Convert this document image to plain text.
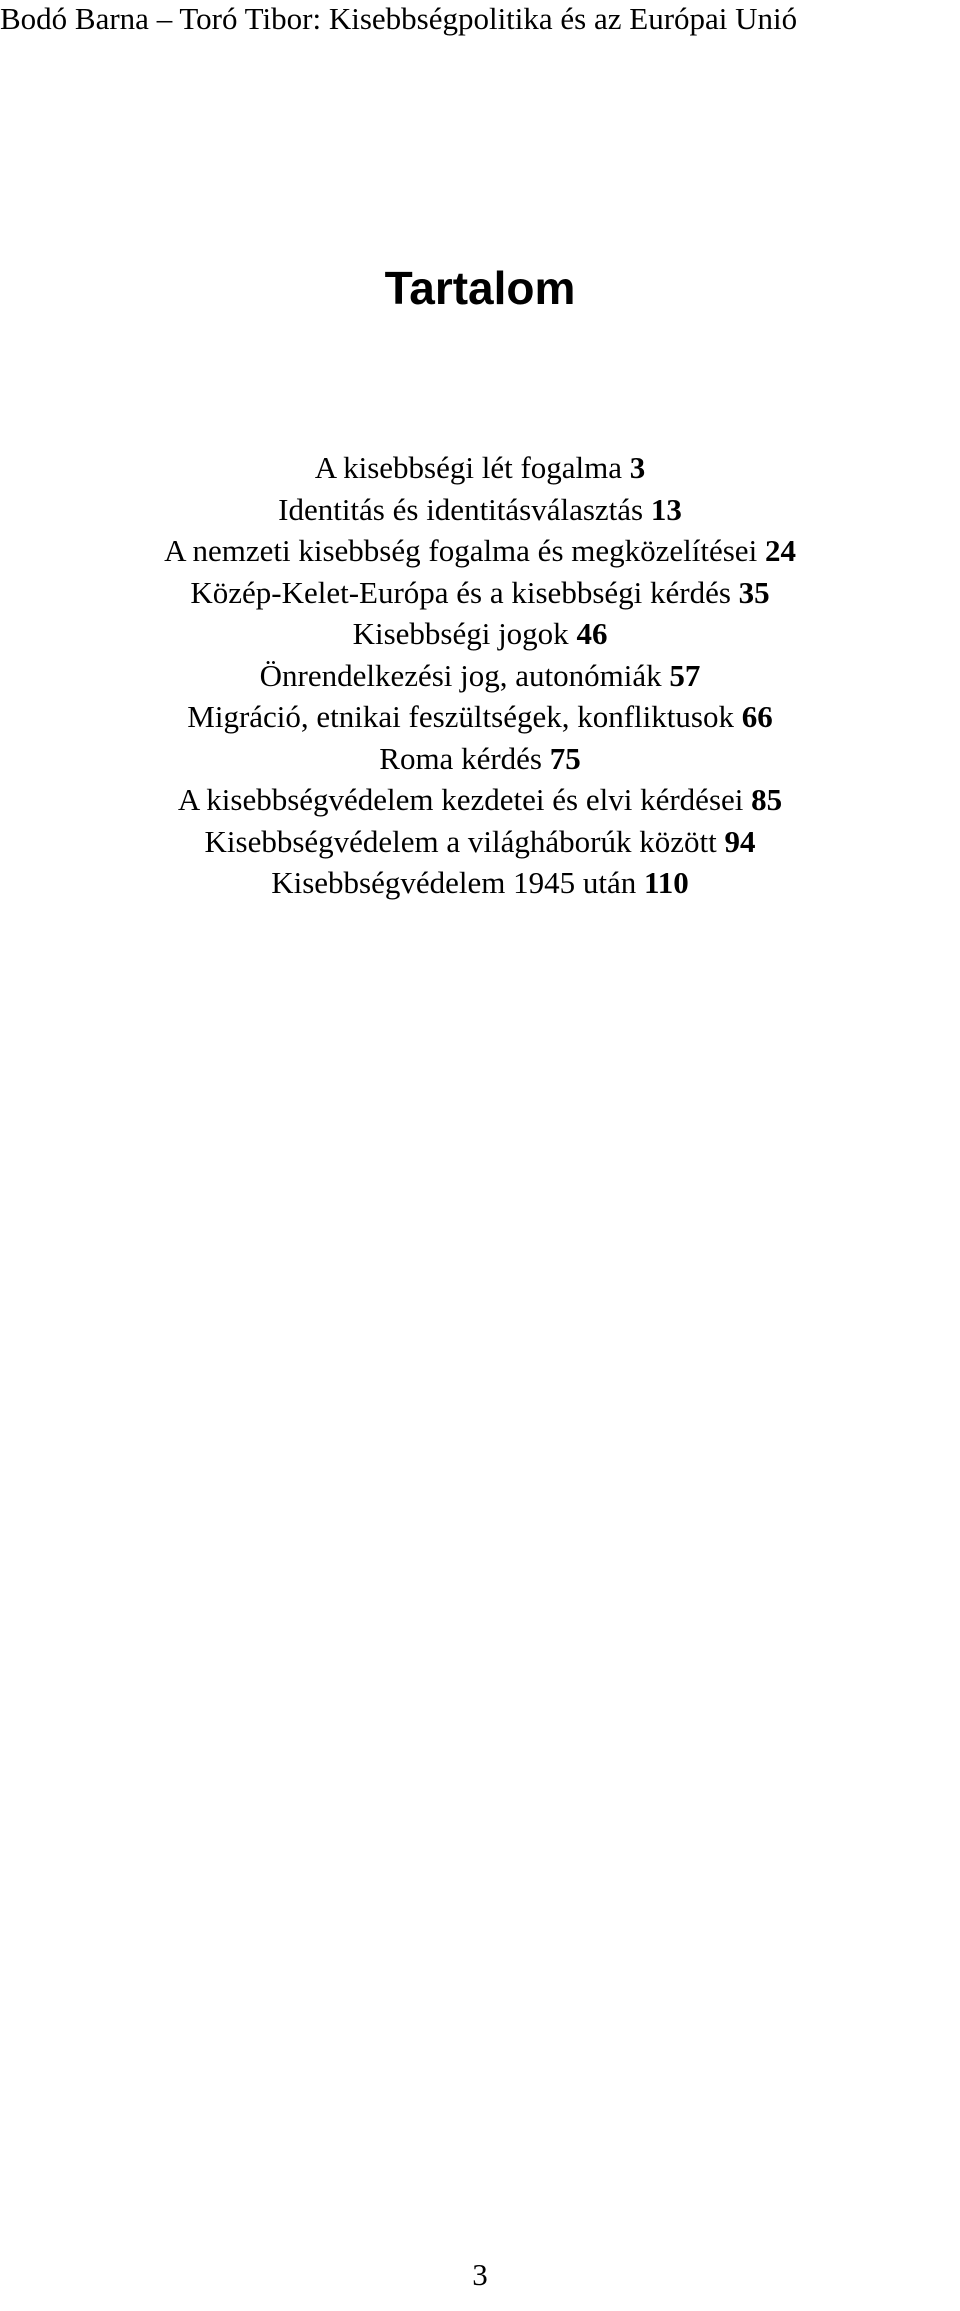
Bodó Barna – Toró Tibor: Kisebbségpolitika és az Európai Unió
Tartalom
A kisebbségi lét fogalma 3
Identitás és identitásválasztás 13
A nemzeti kisebbség fogalma és megközelítései 24
Közép-Kelet-Európa és a kisebbségi kérdés 35
Kisebbségi jogok 46
Önrendelkezési jog, autonómiák 57
Migráció, etnikai feszültségek, konfliktusok 66
Roma kérdés 75
A kisebbségvédelem kezdetei és elvi kérdései 85
Kisebbségvédelem a világháborúk között 94
Kisebbségvédelem 1945 után 110
3
